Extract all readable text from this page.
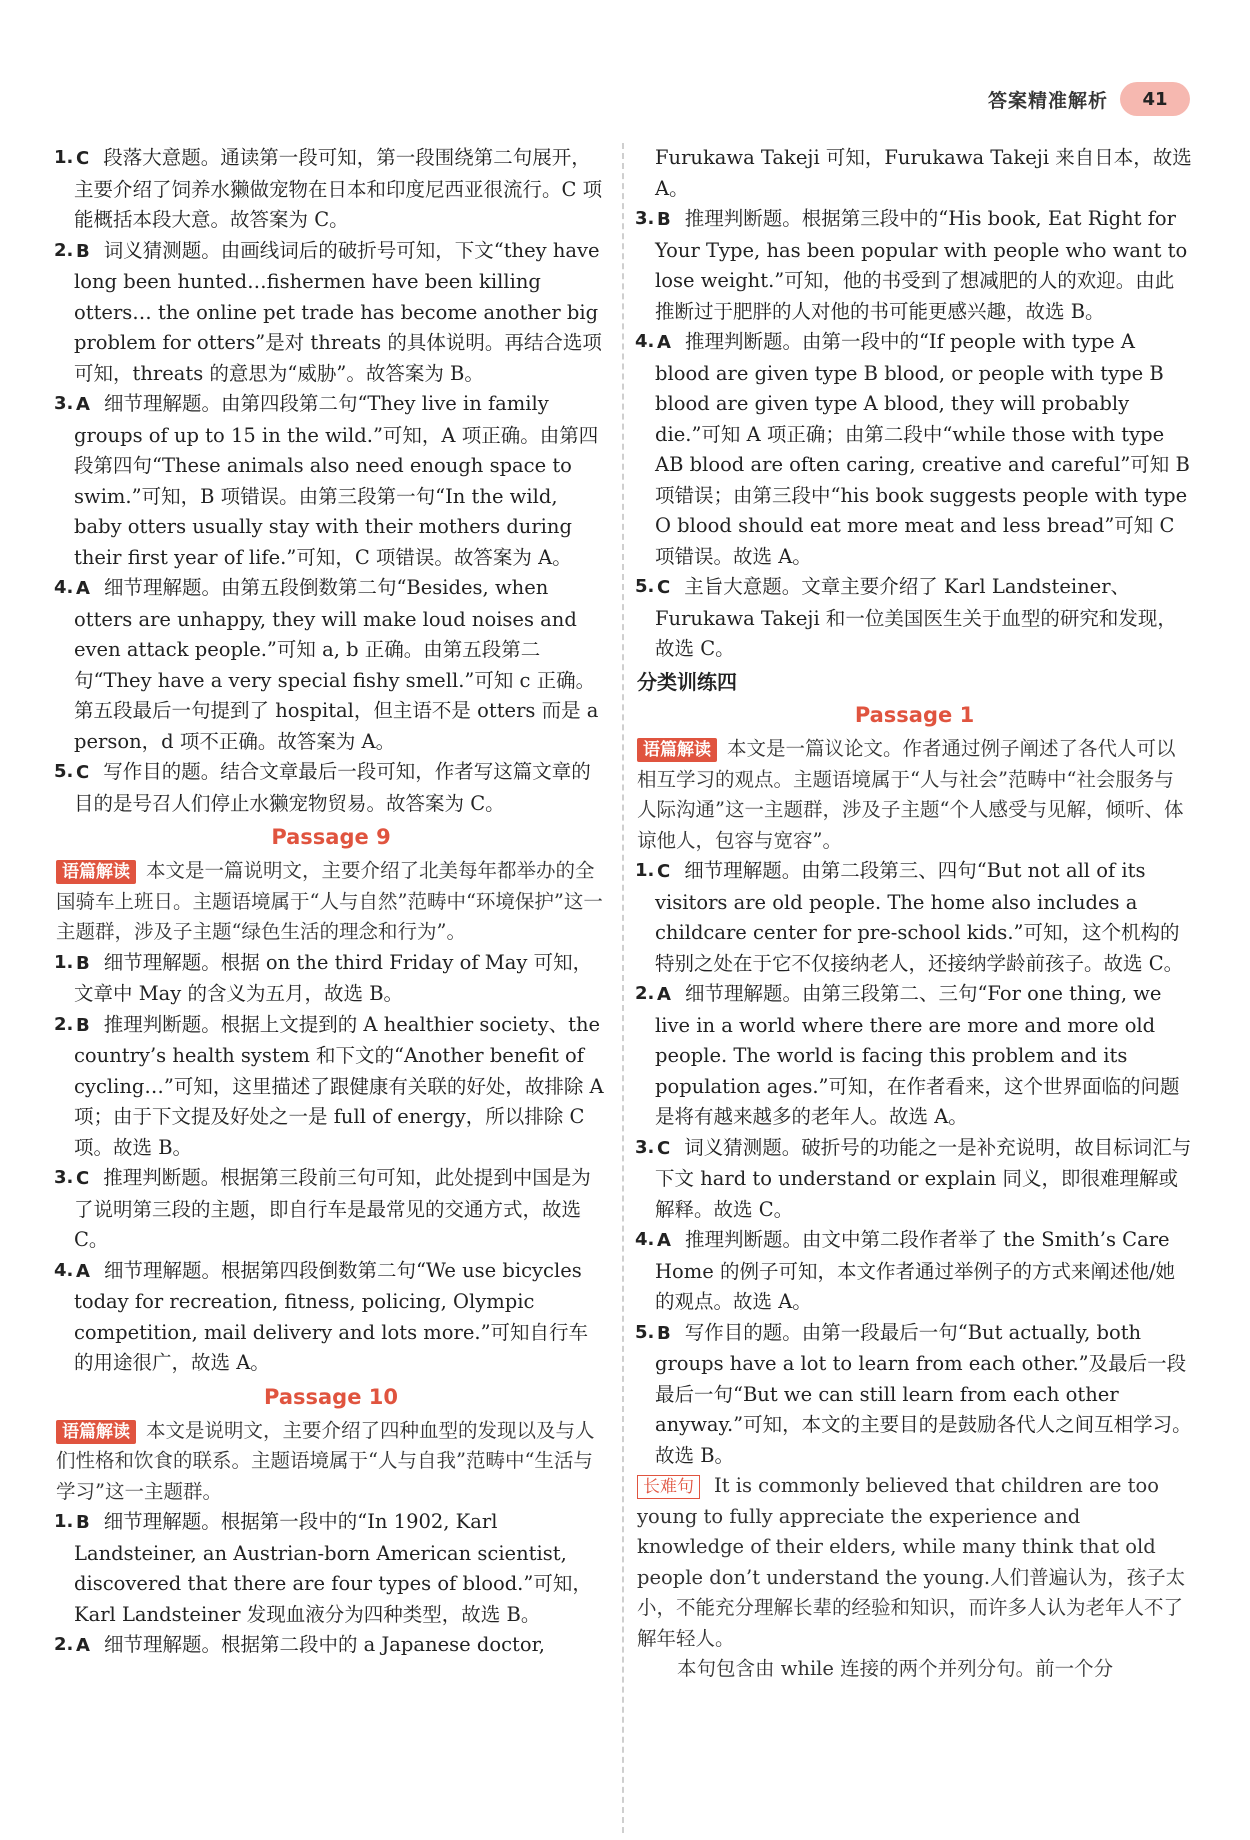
答案精准解析	41
1. C 段落大意题。通读第一段可知，第一段围绕第二句展开，主要介绍了饲养水獭做宠物在日本和印度尼西亚很流行。C 项能概括本段大意。故答案为 C。
2. B 词义猜测题。由画线词后的破折号可知，下文“they have long been hunted…fishermen have been killing otters… the online pet trade has become another big problem for otters”是对 threats 的具体说明。再结合选项可知，threats 的意思为“威胁”。故答案为 B。
3. A 细节理解题。由第四段第二句“They live in family groups of up to 15 in the wild.”可知，A 项正确。由第四段第四句“These animals also need enough space to swim.”可知，B 项错误。由第三段第一句“In the wild, baby otters usually stay with their mothers during their first year of life.”可知，C 项错误。故答案为 A。
4. A 细节理解题。由第五段倒数第二句“Besides, when otters are unhappy, they will make loud noises and even attack people.”可知 a, b 正确。由第五段第二句“They have a very special fishy smell.”可知 c 正确。第五段最后一句提到了 hospital，但主语不是 otters 而是 a person，d 项不正确。故答案为 A。
5. C 写作目的题。结合文章最后一段可知，作者写这篇文章的目的是号召人们停止水獭宠物贸易。故答案为 C。
Passage 9

语篇解读 本文是一篇说明文，主要介绍了北美每年都举办的全国骑车上班日。主题语境属于“人与自然”范畴中“环境保护”这一主题群，涉及子主题“绿色生活的理念和行为”。

1. B 细节理解题。根据 on the third Friday of May 可知，文章中 May 的含义为五月，故选 B。
2. B 推理判断题。根据上文提到的 A healthier society、the country’s health system 和下文的“Another benefit of cycling…”可知，这里描述了跟健康有关联的好处，故排除 A 项；由于下文提及好处之一是 full of energy，所以排除 C 项。故选 B。
3. C 推理判断题。根据第三段前三句可知，此处提到中国是为了说明第三段的主题，即自行车是最常见的交通方式，故选 C。
4. A 细节理解题。根据第四段倒数第二句“We use bicycles today for recreation, fitness, policing, Olympic competition, mail delivery and lots more.”可知自行车的用途很广，故选 A。
Passage 10

语篇解读 本文是说明文，主要介绍了四种血型的发现以及与人们性格和饮食的联系。主题语境属于“人与自我”范畴中“生活与学习”这一主题群。

1. B 细节理解题。根据第一段中的“In 1902, Karl Landsteiner, an Austrian-born American scientist, discovered that there are four types of blood.”可知，Karl Landsteiner 发现血液分为四种类型，故选 B。
2. A 细节理解题。根据第二段中的 a Japanese doctor,
Furukawa Takeji 可知，Furukawa Takeji 来自日本，故选 A。
3. B 推理判断题。根据第三段中的“His book, Eat Right for Your Type, has been popular with people who want to lose weight.”可知，他的书受到了想减肥的人的欢迎。由此推断过于肥胖的人对他的书可能更感兴趣，故选 B。
4. A 推理判断题。由第一段中的“If people with type A blood are given type B blood, or people with type B blood are given type A blood, they will probably die.”可知 A 项正确；由第二段中“while those with type AB blood are often caring, creative and careful”可知 B 项错误；由第三段中“his book suggests people with type O blood should eat more meat and less bread”可知 C 项错误。故选 A。
5. C 主旨大意题。文章主要介绍了 Karl Landsteiner、Furukawa Takeji 和一位美国医生关于血型的研究和发现，故选 C。
分类训练四
Passage 1

语篇解读 本文是一篇议论文。作者通过例子阐述了各代人可以相互学习的观点。主题语境属于“人与社会”范畴中“社会服务与人际沟通”这一主题群，涉及子主题“个人感受与见解，倾听、体谅他人，包容与宽容”。

1. C 细节理解题。由第二段第三、四句“But not all of its visitors are old people. The home also includes a childcare center for pre-school kids.”可知，这个机构的特别之处在于它不仅接纳老人，还接纳学龄前孩子。故选 C。
2. A 细节理解题。由第三段第二、三句“For one thing, we live in a world where there are more and more old people. The world is facing this problem and its population ages.”可知，在作者看来，这个世界面临的问题是将有越来越多的老年人。故选 A。
3. C 词义猜测题。破折号的功能之一是补充说明，故目标词汇与下文 hard to understand or explain 同义，即很难理解或解释。故选 C。
4. A 推理判断题。由文中第二段作者举了 the Smith’s Care Home 的例子可知，本文作者通过举例子的方式来阐述他/她的观点。故选 A。
5. B 写作目的题。由第一段最后一句“But actually, both groups have a lot to learn from each other.”及最后一段最后一句“But we can still learn from each other anyway.”可知，本文的主要目的是鼓励各代人之间互相学习。故选 B。

长难句 It is commonly believed that children are too young to fully appreciate the experience and knowledge of their elders, while many think that old people don’t understand the young.人们普遍认为，孩子太小，不能充分理解长辈的经验和知识，而许多人认为老年人不了解年轻人。

本句包含由 while 连接的两个并列分句。前一个分
